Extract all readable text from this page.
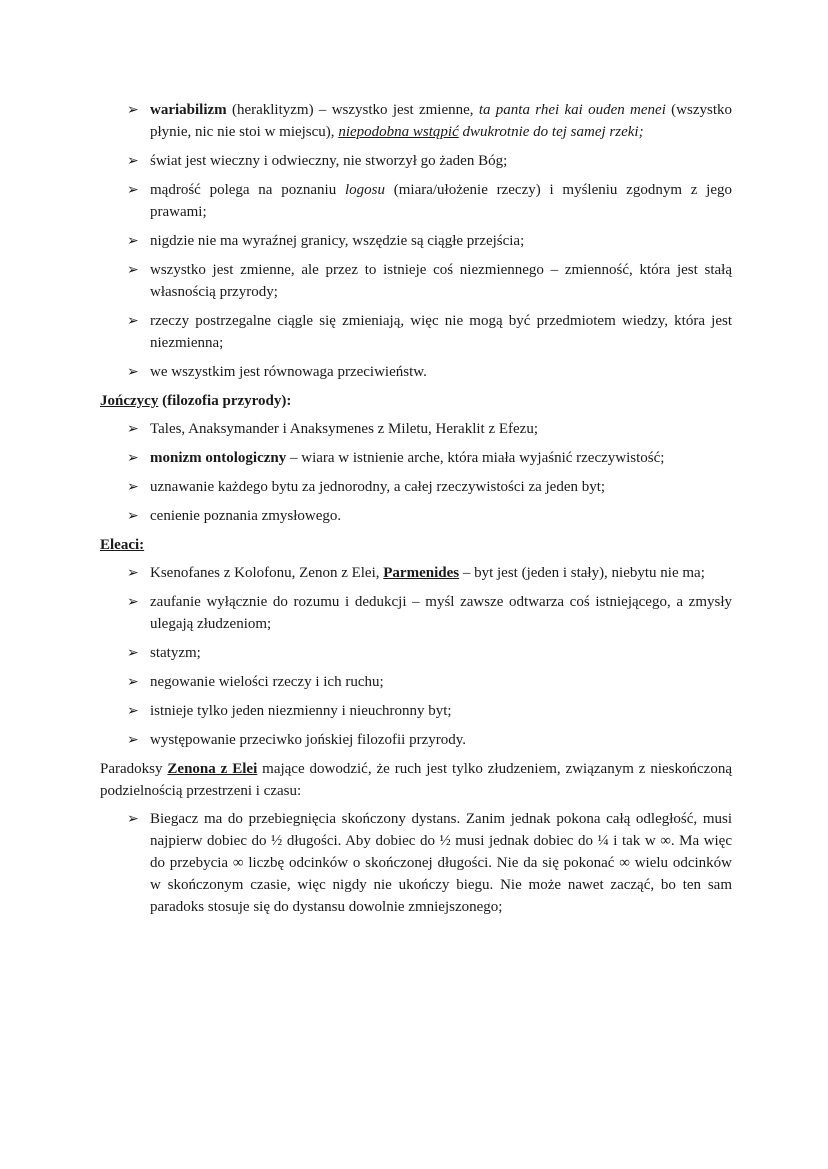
➢ wariabilizm (heraklityzm) – wszystko jest zmienne, ta panta rhei kai ouden menei (wszystko płynie, nic nie stoi w miejscu), niepodobna wstąpić dwukrotnie do tej samej rzeki;
➢ świat jest wieczny i odwieczny, nie stworzył go żaden Bóg;
➢ mądrość polega na poznaniu logosu (miara/ułożenie rzeczy) i myśleniu zgodnym z jego prawami;
➢ nigdzie nie ma wyraźnej granicy, wszędzie są ciągłe przejścia;
➢ wszystko jest zmienne, ale przez to istnieje coś niezmiennego – zmienność, która jest stałą własnością przyrody;
➢ rzeczy postrzegalne ciągle się zmieniają, więc nie mogą być przedmiotem wiedzy, która jest niezmienna;
➢ we wszystkim jest równowaga przeciwieństw.
Jończycy (filozofia przyrody):
➢ Tales, Anaksymander i Anaksymenes z Miletu, Heraklit z Efezu;
➢ monizm ontologiczny – wiara w istnienie arche, która miała wyjaśnić rzeczywistość;
➢ uznawanie każdego bytu za jednorodny, a całej rzeczywistości za jeden byt;
➢ cenienie poznania zmysłowego.
Eleaci:
➢ Ksenofanes z Kolofonu, Zenon z Elei, Parmenides – byt jest (jeden i stały), niebytu nie ma;
➢ zaufanie wyłącznie do rozumu i dedukcji – myśl zawsze odtwarza coś istniejącego, a zmysły ulegają złudzeniom;
➢ statyzm;
➢ negowanie wielości rzeczy i ich ruchu;
➢ istnieje tylko jeden niezmienny i nieuchronny byt;
➢ występowanie przeciwko jońskiej filozofii przyrody.
Paradoksy Zenona z Elei mające dowodzić, że ruch jest tylko złudzeniem, związanym z nieskończoną podzielnością przestrzeni i czasu:
➢ Biegacz ma do przebiegnięcia skończony dystans. Zanim jednak pokona całą odległość, musi najpierw dobiec do ½ długości. Aby dobiec do ½ musi jednak dobiec do ¼ i tak w ∞. Ma więc do przebycia ∞ liczbę odcinków o skończonej długości. Nie da się pokonać ∞ wielu odcinków w skończonym czasie, więc nigdy nie ukończy biegu. Nie może nawet zacząć, bo ten sam paradoks stosuje się do dystansu dowolnie zmniejszonego;
